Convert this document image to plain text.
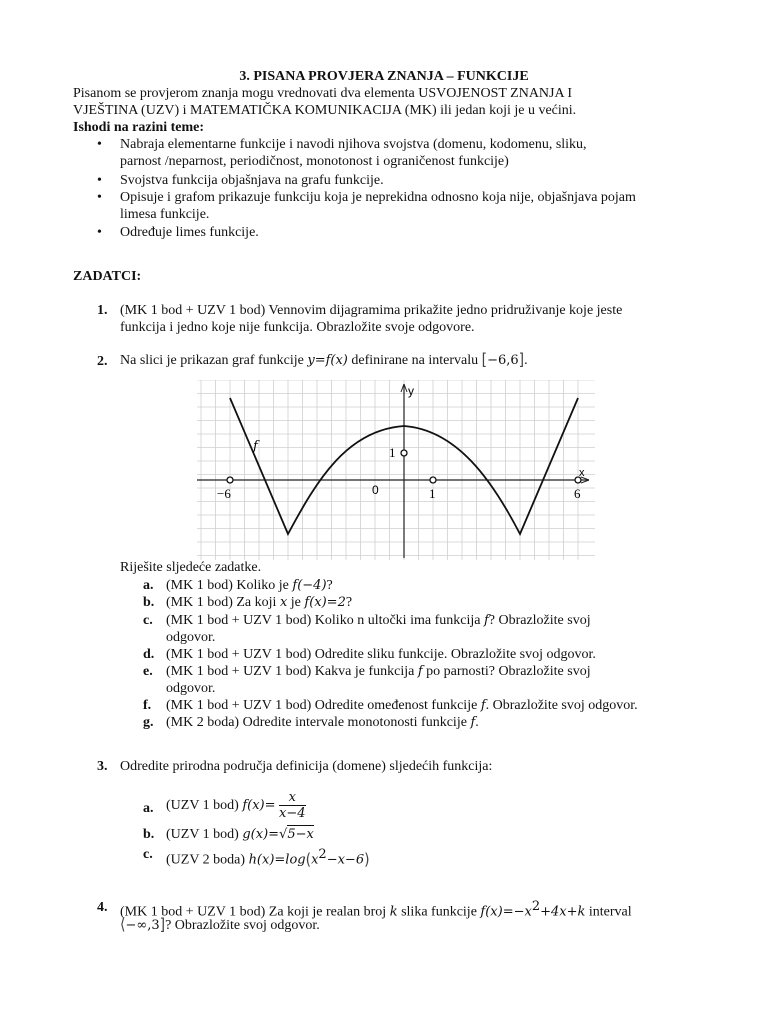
3. PISANA PROVJERA ZNANJA – FUNKCIJE
Pisanom se provjerom znanja mogu vrednovati dva elementa USVOJENOST ZNANJA I
VJEŠTINA (UZV) i MATEMATIČKA KOMUNIKACIJA (MK) ili jedan koji je u većini.
Ishodi na razini teme:
•	Nabraja elementarne funkcije i navodi njihova svojstva (domenu, kodomenu, sliku,
parnost /neparnost, periodičnost, monotonost i ograničenost funkcije)
•	Svojstva funkcija objašnjava na grafu funkcije.
•	Opisuje i grafom prikazuje funkciju koja je neprekidna odnosno koja nije, objašnjava pojam
limesa funkcije.
•	Određuje limes funkcije.
ZADATCI:
1. (MK 1 bod + UZV 1 bod) Vennovim dijagramima prikažite jedno pridruživanje koje jeste
funkcija i jedno koje nije funkcija. Obrazložite svoje odgovore.
2. Na slici je prikazan graf funkcije y=f(x) definirane na intervalu [−6,6].
y
x
f
−6	0	1	6
1
Riješite sljedeće zadatke.
a. (MK 1 bod) Koliko je f(−4)?
b. (MK 1 bod) Za koji x je f(x)=2?
c. (MK 1 bod + UZV 1 bod) Koliko n ultočki ima funkcija f? Obrazložite svoj
odgovor.
d. (MK 1 bod + UZV 1 bod) Odredite sliku funkcije. Obrazložite svoj odgovor.
e. (MK 1 bod + UZV 1 bod) Kakva je funkcija f po parnosti? Obrazložite svoj
odgovor.
f. (MK 1 bod + UZV 1 bod) Odredite omeđenost funkcije f. Obrazložite svoj odgovor.
g. (MK 2 boda) Odredite intervale monotonosti funkcije f.
3. Odredite prirodna područja definicija (domene) sljedećih funkcija:
a. (UZV 1 bod) $f(x)= \frac{x}{x-4}$
b. (UZV 1 bod) g(x)=√5−x
c. (UZV 2 boda) $h(x)=\log(x^2-x-6)$
4. (MK 1 bod + UZV 1 bod) Za koji je realan broj k slika funkcije $f(x)=-x^2+4x+k$ interval
⟨−∞,3]? Obrazložite svoj odgovor.
